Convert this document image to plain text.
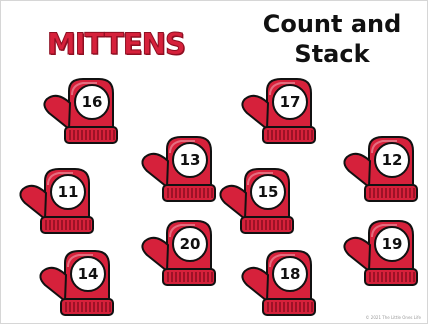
MITTENS
Count and
Stack
16	17
13	12
11	15
20	19
14	18
© 2021 The Little Ones Life
